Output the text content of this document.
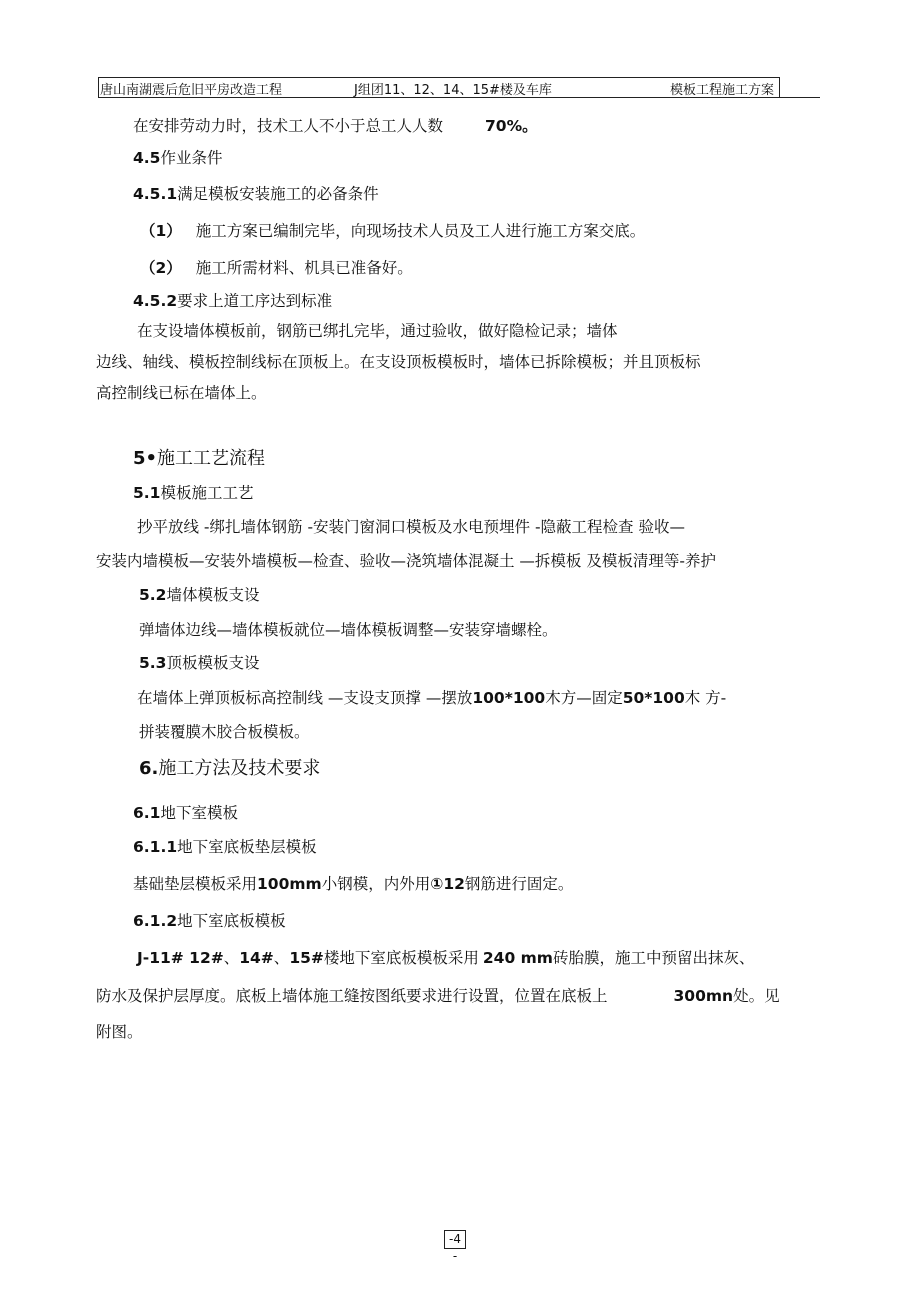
唐山南湖震后危旧平房改造工程	J组团11、12、14、15#楼及车库	模板工程施工方案
在安排劳动力时，技术工人不小于总工人人数	70%。
4.5作业条件
4.5.1满足模板安装施工的必备条件
（1） 施工方案已编制完毕，向现场技术人员及工人进行施工方案交底。
（2） 施工所需材料、机具已准备好。
4.5.2要求上道工序达到标准
在支设墙体模板前，钢筋已绑扎完毕，通过验收，做好隐检记录；墙体
边线、轴线、模板控制线标在顶板上。在支设顶板模板时，墙体已拆除模板；并且顶板标
高控制线已标在墙体上。
5•施工工艺流程
5.1模板施工工艺
抄平放线 -绑扎墙体钢筋 -安装门窗洞口模板及水电预埋件 -隐蔽工程检查 验收—
安装内墙模板—安装外墙模板—检查、验收—浇筑墙体混凝土 —拆模板 及模板清理等-养护
5.2墙体模板支设
弹墙体边线—墙体模板就位—墙体模板调整—安装穿墙螺栓。
5.3顶板模板支设
在墙体上弹顶板标高控制线 —支设支顶撑 —摆放100*100木方—固定50*100木 方-
拼装覆膜木胶合板模板。
6.施工方法及技术要求
6.1地下室模板
6.1.1地下室底板垫层模板
基础垫层模板采用100mm小钢模，内外用①12钢筋进行固定。
6.1.2地下室底板模板
J-11# 12#、14#、15#楼地下室底板模板采用 240 mm砖胎膜，施工中预留出抹灰、
防水及保护层厚度。底板上墙体施工缝按图纸要求进行设置，位置在底板上	300mn处。见
附图。
-4 -
